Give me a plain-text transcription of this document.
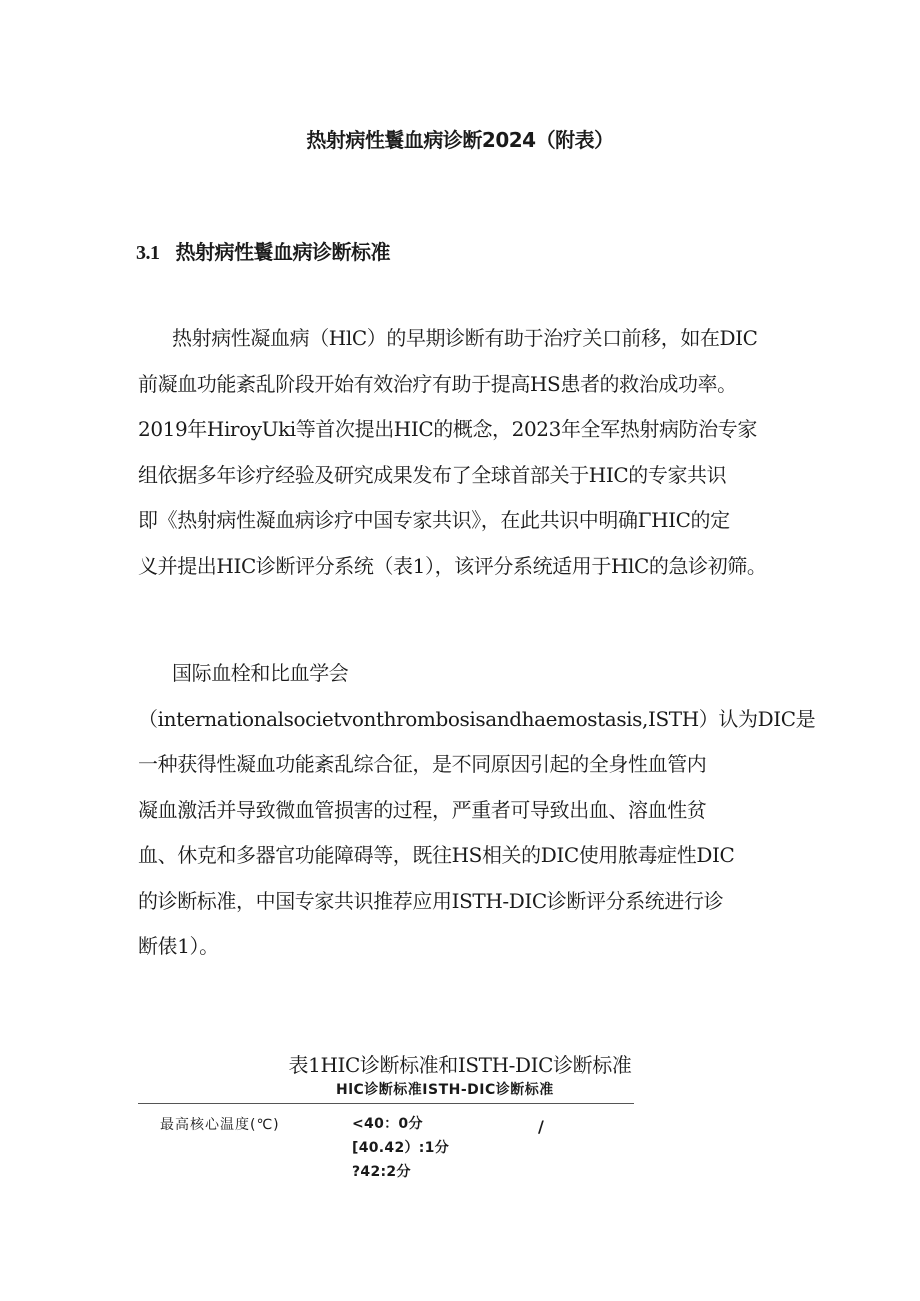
热射病性鬟血病诊断2024（附表）
3.1 热射病性鬟血病诊断标准
热射病性凝血病（HlC）的早期诊断有助于治疗关口前移，如在DIC
前凝血功能紊乱阶段开始有效治疗有助于提高HS患者的救治成功率。
2019年HiroyUki等首次提出HIC的概念，2023年全军热射病防治专家
组依据多年诊疗经验及研究成果发布了全球首部关于HIC的专家共识
即《热射病性凝血病诊疗中国专家共识》，在此共识中明确ΓHIC的定
义并提出HIC诊断评分系统（表1），该评分系统适用于HlC的急诊初筛。
国际血栓和比血学会
（internationalsocietvonthrombosisandhaemostasis,ISTH）认为DIC是
一种获得性凝血功能紊乱综合征，是不同原因引起的全身性血管内
凝血激活并导致微血管损害的过程，严重者可导致出血、溶血性贫
血、休克和多器官功能障碍等，既往HS相关的DIC使用脓毒症性DIC
的诊断标准，中国专家共识推荐应用ISTH-DIC诊断评分系统进行诊
断俵1）。
表1HIC诊断标准和ISTH-DIC诊断标准
HlC诊断标准ISTH-DIC诊断标准
最高核心温度(℃)	<40：0分
[40.42）:1分
?42:2分
/
